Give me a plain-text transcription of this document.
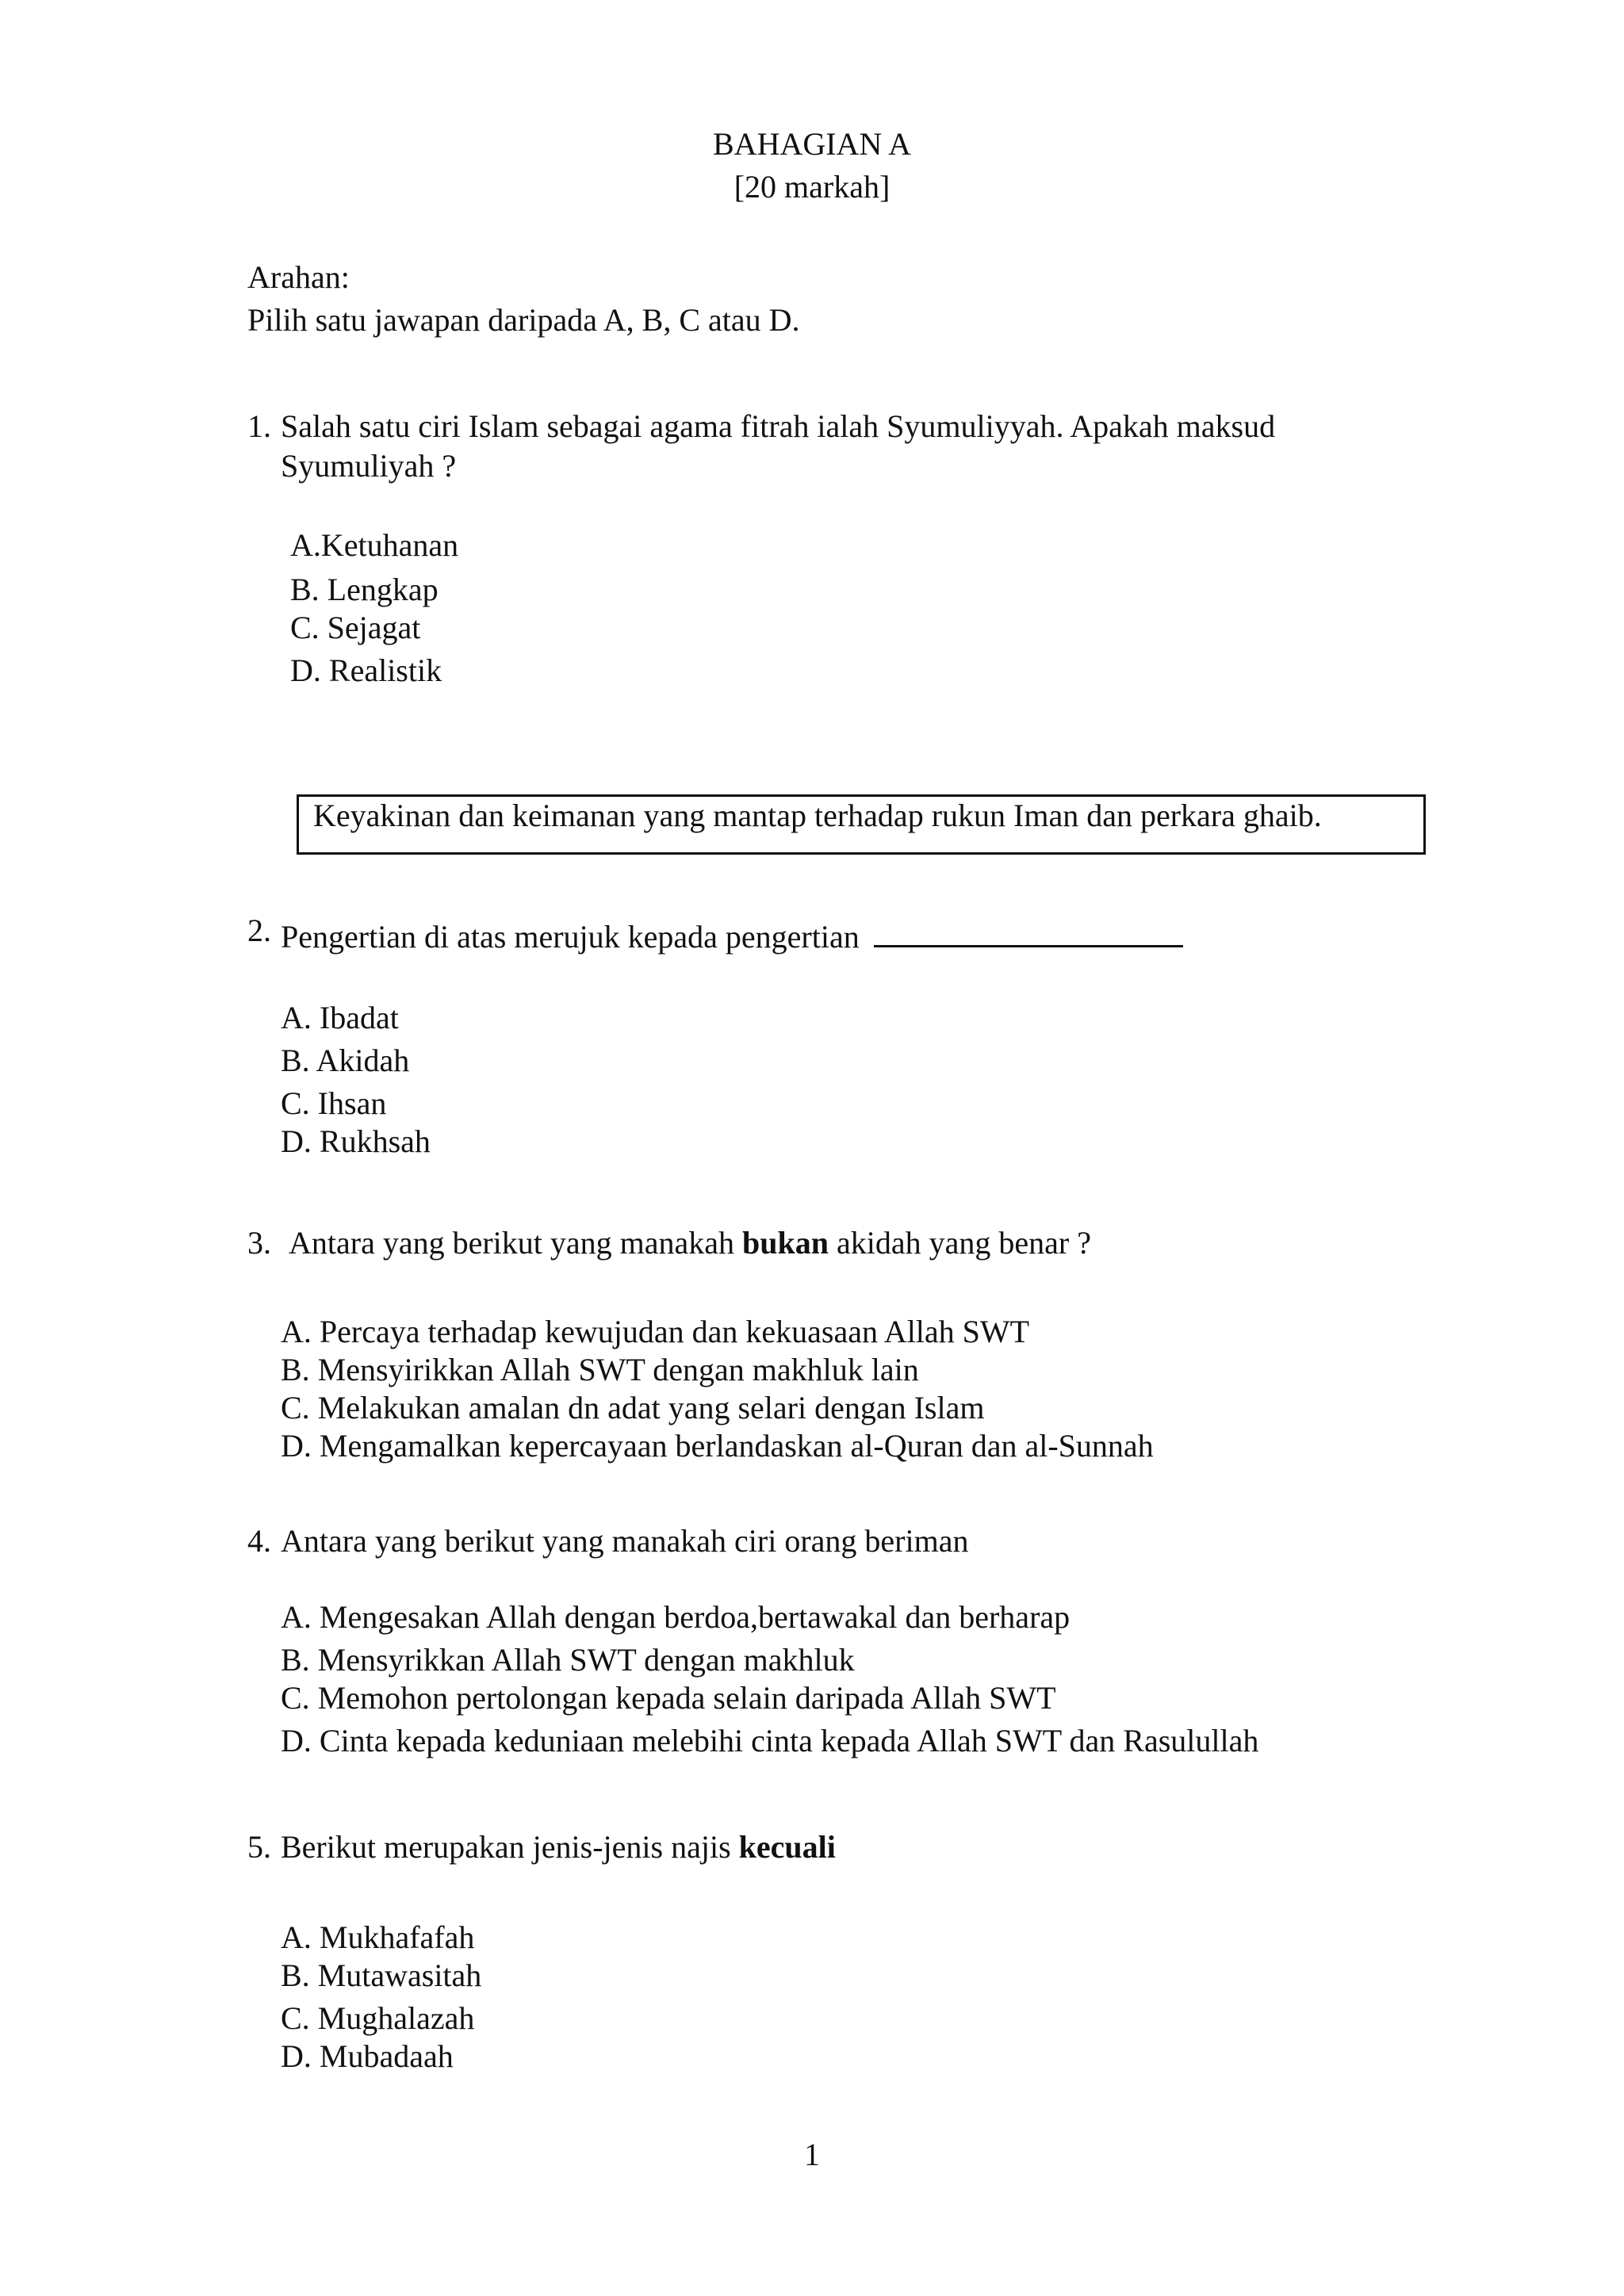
BAHAGIAN A
[20 markah]
Arahan:
Pilih satu jawapan daripada A, B, C atau D.
1. Salah satu ciri Islam sebagai agama fitrah ialah Syumuliyyah. Apakah maksud
Syumuliyah ?
A.Ketuhanan
B. Lengkap
C. Sejagat
D. Realistik
Keyakinan dan keimanan yang mantap terhadap rukun Iman dan perkara ghaib.
2. Pengertian di atas merujuk kepada pengertian
A. Ibadat
B. Akidah
C. Ihsan
D. Rukhsah
3. Antara yang berikut yang manakah bukan akidah yang benar ?
A. Percaya terhadap kewujudan dan kekuasaan Allah SWT
B. Mensyirikkan Allah SWT dengan makhluk lain
C. Melakukan amalan dn adat yang selari dengan Islam
D. Mengamalkan kepercayaan berlandaskan al-Quran dan al-Sunnah
4. Antara yang berikut yang manakah ciri orang beriman
A. Mengesakan Allah dengan berdoa,bertawakal dan berharap
B. Mensyrikkan Allah SWT dengan makhluk
C. Memohon pertolongan kepada selain daripada Allah SWT
D. Cinta kepada keduniaan melebihi cinta kepada Allah SWT dan Rasulullah
5. Berikut merupakan jenis-jenis najis kecuali
A. Mukhafafah
B. Mutawasitah
C. Mughalazah
D. Mubadaah
1
